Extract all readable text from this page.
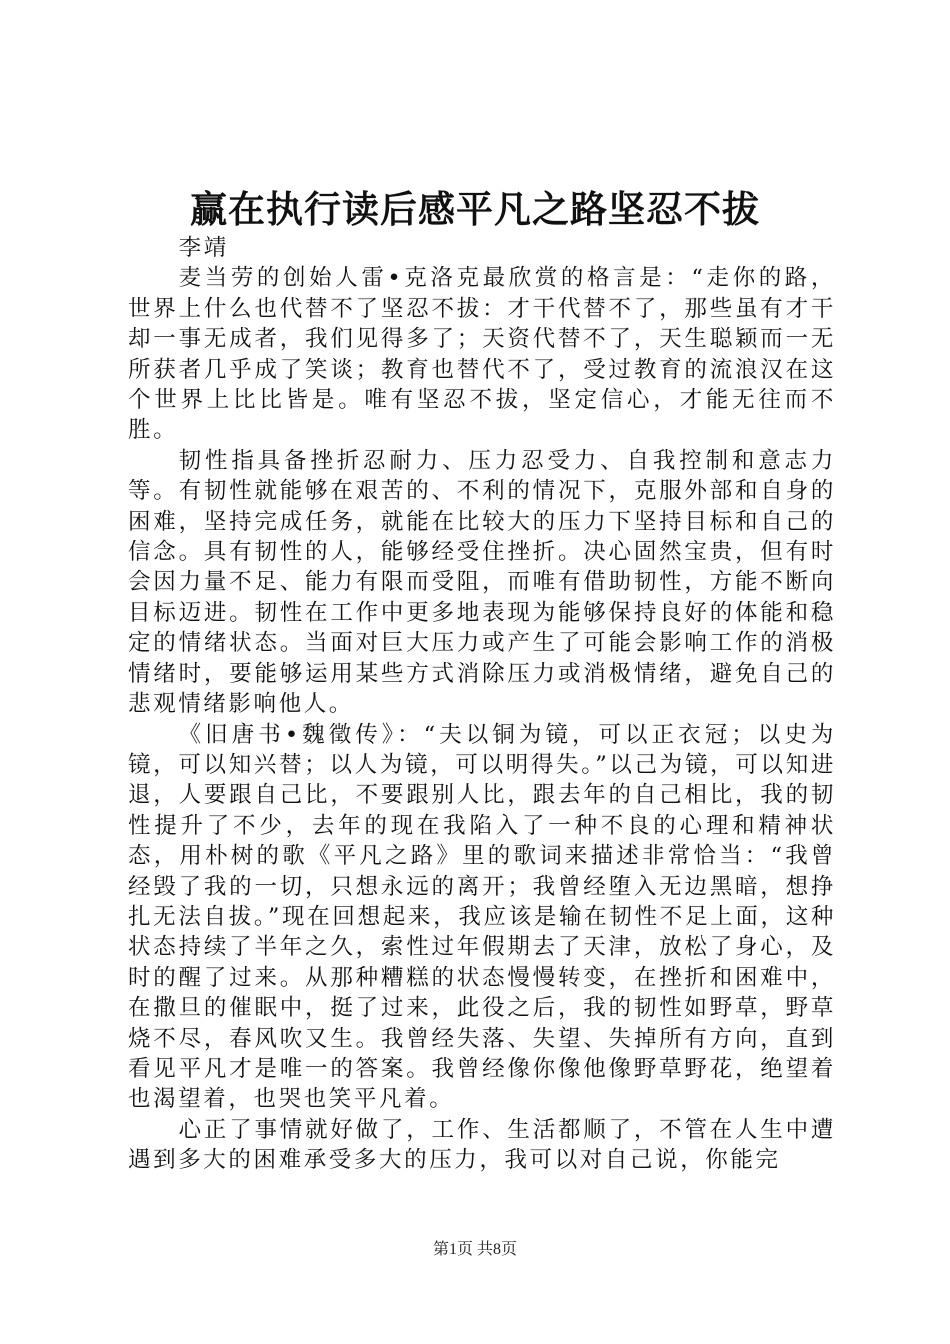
赢在执行读后感平凡之路坚忍不拔

李靖

麦当劳的创始人雷•克洛克最欣赏的格言是：“走你的路，世界上什么也代替不了坚忍不拔：才干代替不了，那些虽有才干却一事无成者，我们见得多了；天资代替不了，天生聪颖而一无所获者几乎成了笑谈；教育也替代不了，受过教育的流浪汉在这个世界上比比皆是。唯有坚忍不拔，坚定信心，才能无往而不胜。

韧性指具备挫折忍耐力、压力忍受力、自我控制和意志力等。有韧性就能够在艰苦的、不利的情况下，克服外部和自身的困难，坚持完成任务，就能在比较大的压力下坚持目标和自己的信念。具有韧性的人，能够经受住挫折。决心固然宝贵，但有时会因力量不足、能力有限而受阻，而唯有借助韧性，方能不断向目标迈进。韧性在工作中更多地表现为能够保持良好的体能和稳定的情绪状态。当面对巨大压力或产生了可能会影响工作的消极情绪时，要能够运用某些方式消除压力或消极情绪，避免自己的悲观情绪影响他人。

《旧唐书•魏徵传》：“夫以铜为镜，可以正衣冠；以史为镜，可以知兴替；以人为镜，可以明得失。”以己为镜，可以知进退，人要跟自己比，不要跟别人比，跟去年的自己相比，我的韧性提升了不少，去年的现在我陷入了一种不良的心理和精神状态，用朴树的歌《平凡之路》里的歌词来描述非常恰当：“我曾经毁了我的一切，只想永远的离开；我曾经堕入无边黑暗，想挣扎无法自拔。”现在回想起来，我应该是输在韧性不足上面，这种状态持续了半年之久，索性过年假期去了天津，放松了身心，及时的醒了过来。从那种糟糕的状态慢慢转变，在挫折和困难中，在撒旦的催眠中，挺了过来，此役之后，我的韧性如野草，野草烧不尽，春风吹又生。我曾经失落、失望、失掉所有方向，直到看见平凡才是唯一的答案。我曾经像你像他像野草野花，绝望着也渴望着，也哭也笑平凡着。

心正了事情就好做了，工作、生活都顺了，不管在人生中遭遇到多大的困难承受多大的压力，我可以对自己说，你能完

第1页 共8页
